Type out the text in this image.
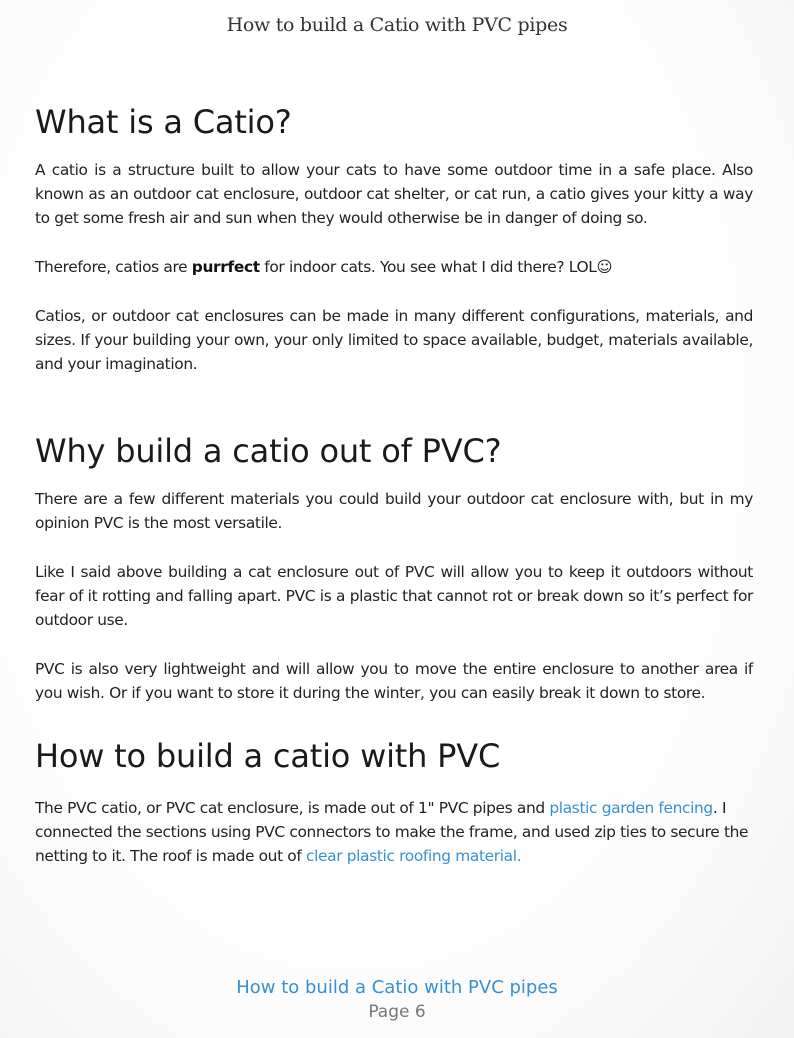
How to build a Catio with PVC pipes
What is a Catio?

A catio is a structure built to allow your cats to have some outdoor time in a safe place. Also known as an outdoor cat enclosure, outdoor cat shelter, or cat run, a catio gives your kitty a way to get some fresh air and sun when they would otherwise be in danger of doing so.

Therefore, catios are purrfect for indoor cats. You see what I did there? LOL☺

Catios, or outdoor cat enclosures can be made in many different configurations, materials, and sizes. If your building your own, your only limited to space available, budget, materials available, and your imagination.

Why build a catio out of PVC?

There are a few different materials you could build your outdoor cat enclosure with, but in my opinion PVC is the most versatile.

Like I said above building a cat enclosure out of PVC will allow you to keep it outdoors without fear of it rotting and falling apart. PVC is a plastic that cannot rot or break down so it’s perfect for outdoor use.

PVC is also very lightweight and will allow you to move the entire enclosure to another area if you wish. Or if you want to store it during the winter, you can easily break it down to store.

How to build a catio with PVC

The PVC catio, or PVC cat enclosure, is made out of 1" PVC pipes and plastic garden fencing. I connected the sections using PVC connectors to make the frame, and used zip ties to secure the netting to it. The roof is made out of clear plastic roofing material.

How to build a Catio with PVC pipes
Page 6
